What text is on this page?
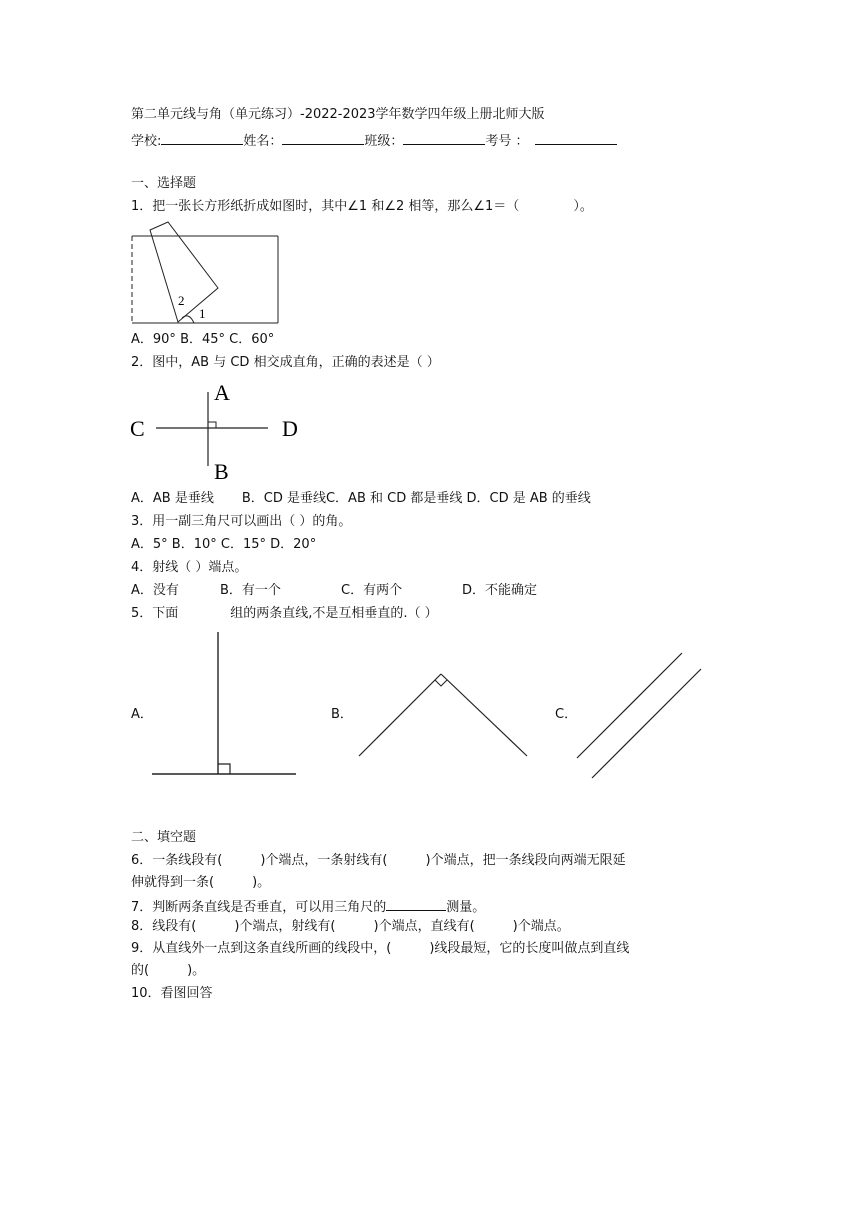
第二单元线与角（单元练习）-2022-2023学年数学四年级上册北师大版
学校:	姓名：	班级：	考号 ：
一、选择题
1．把一张长方形纸折成如图时，其中∠1 和∠2 相等，那么∠1＝（	）。
2
1
A．90° B．45° C．60°
2．图中，AB 与 CD 相交成直角，正确的表述是（ ）
A
B
C	D
A．AB 是垂线 B．CD 是垂线C．AB 和 CD 都是垂线 D．CD 是 AB 的垂线
3．用一副三角尺可以画出（ ）的角。
A．5° B．10° C．15° D．20°
4．射线（ ）端点。
A．没有	B．有一个	C．有两个	D．不能确定
5．下面	组的两条直线,不是互相垂直的.（ ）
A．	B．	C．
二、填空题
6．一条线段有(	)个端点，一条射线有(	)个端点，把一条线段向两端无限延
伸就得到一条(	)。
7．判断两条直线是否垂直，可以用三角尺的	测量。
8．线段有(	)个端点，射线有(	)个端点，直线有(	)个端点。
9．从直线外一点到这条直线所画的线段中，(	)线段最短，它的长度叫做点到直线
的(	)。
10．看图回答
